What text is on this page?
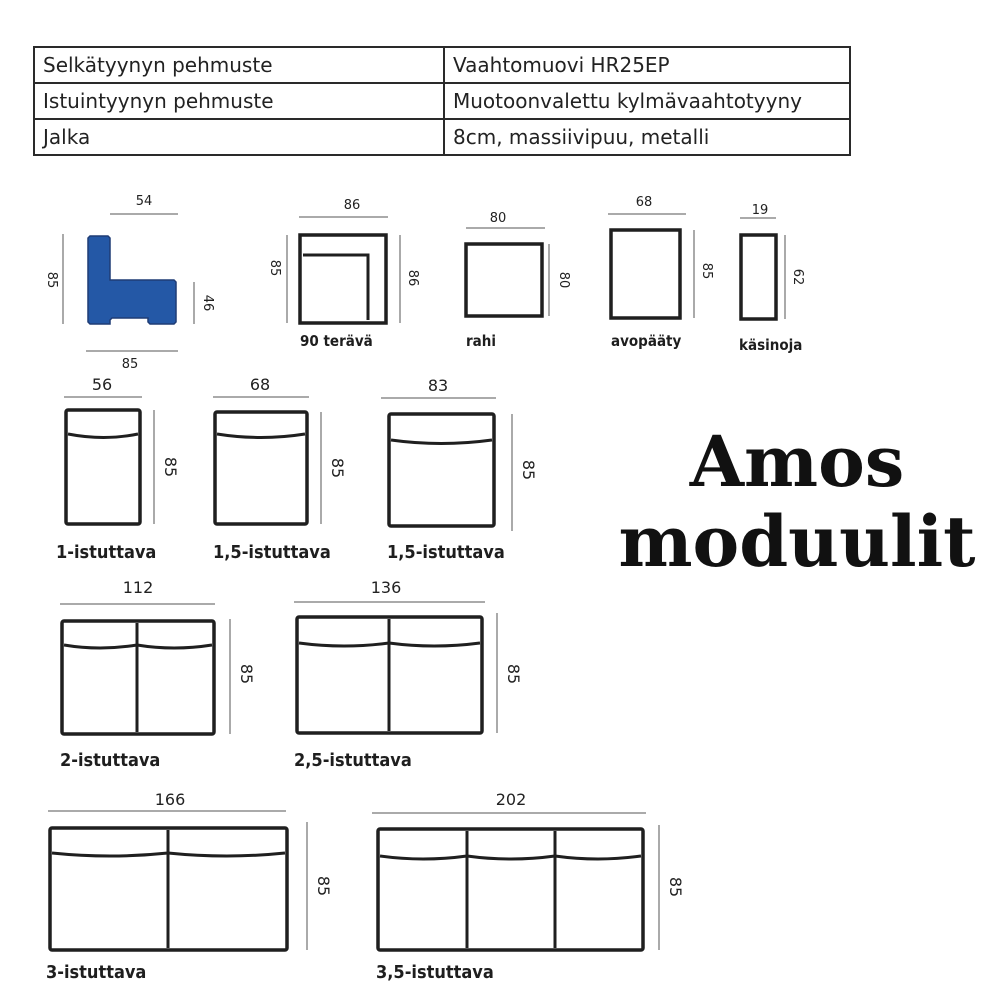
Selkätyynyn pehmuste	Vaahtomuovi HR25EP
Istuintyynyn pehmuste	Muotoonvalettu kylmävaahtotyyny
Jalka	8cm, massiivipuu, metalli
54
85
46
85
86
85
86
90 terävä
80
80
rahi
68
85
avopääty
19
62
käsinoja
56
85
1-istuttava
68
85
1,5-istuttava
83
85
1,5-istuttava
112
85
2-istuttava
136
85
2,5-istuttava
166
85
3-istuttava
202
85
3,5-istuttava
Amos
moduulit
